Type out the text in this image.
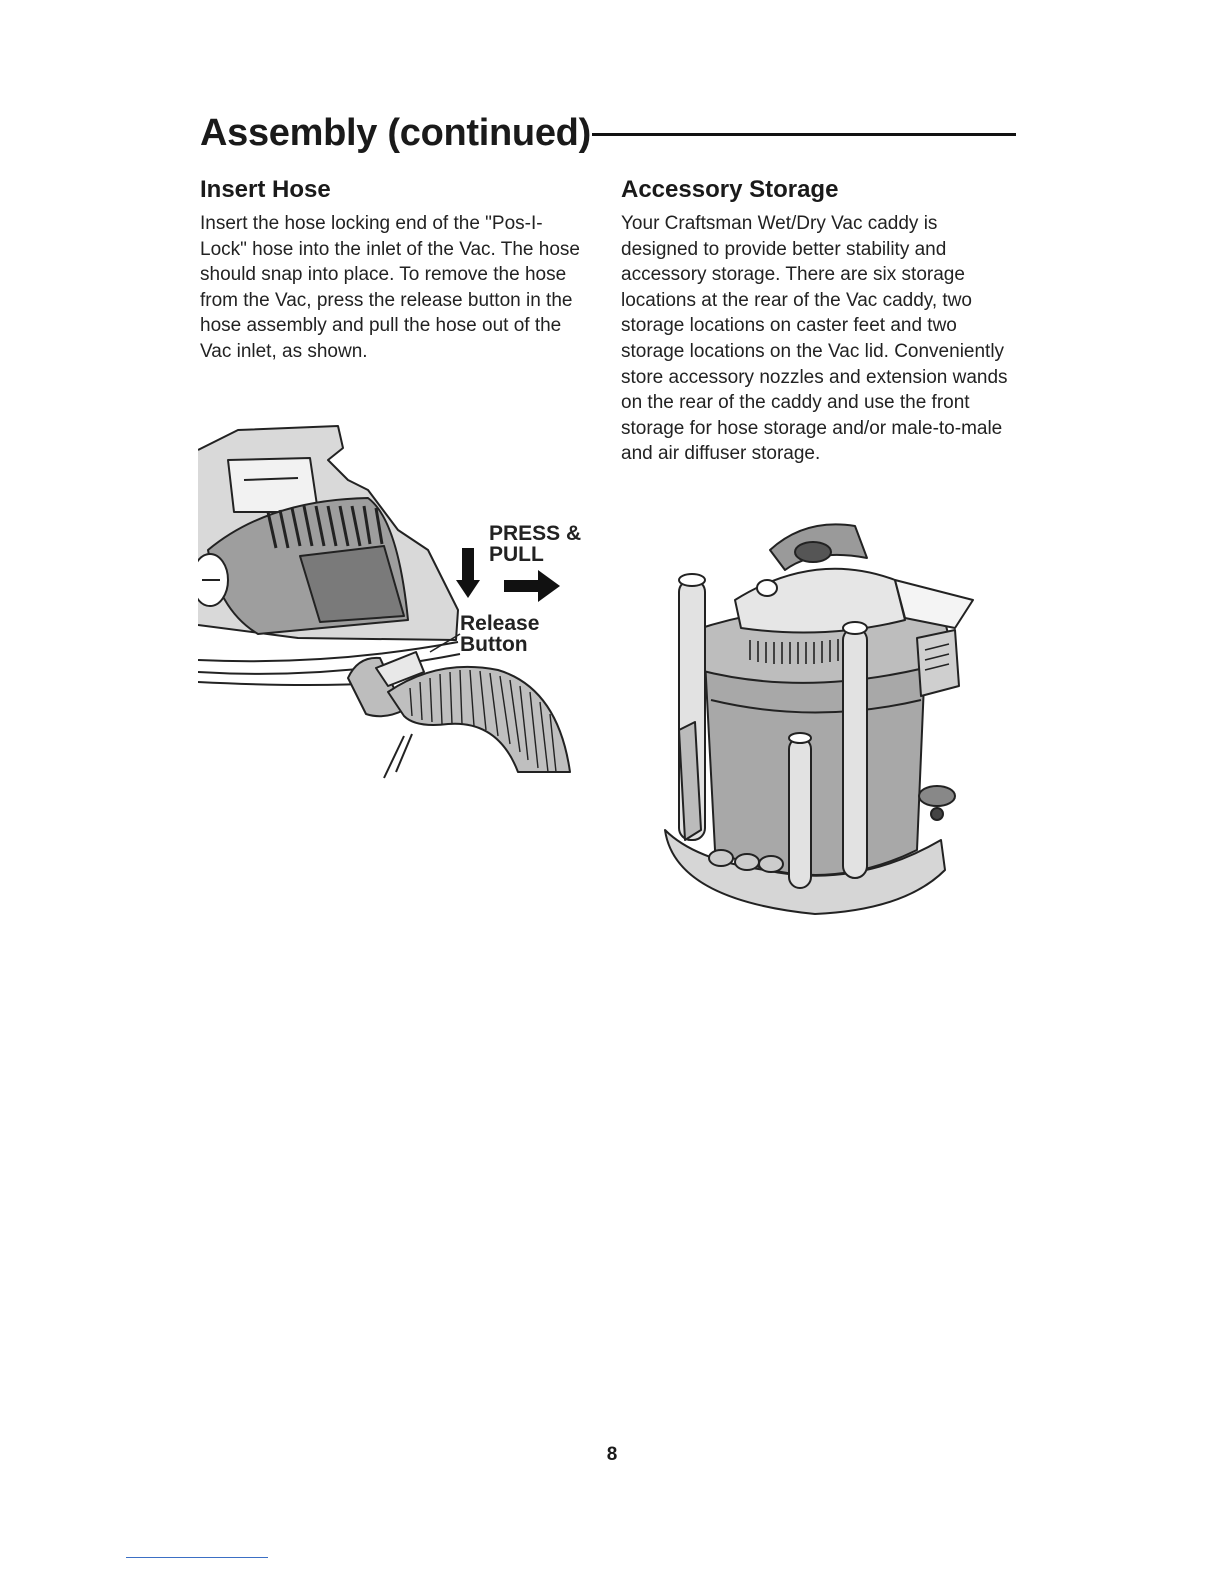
Assembly (continued)
Insert Hose

Insert the hose locking end of the "Pos-I-Lock" hose into the inlet of the Vac. The hose should snap into place. To remove the hose from the Vac, press the release button in the hose assembly and pull the hose out of the Vac inlet, as shown.

Accessory Storage

Your Craftsman Wet/Dry Vac caddy is designed to provide better stability and accessory storage. There are six storage locations at the rear of the Vac caddy, two storage locations on caster feet and two storage locations on the Vac lid. Conveniently store accessory nozzles and extension wands on the rear of the caddy and use the front storage for hose storage and/or male-to-male and air diffuser storage.

PRESS &
PULL
Release
Button
8
